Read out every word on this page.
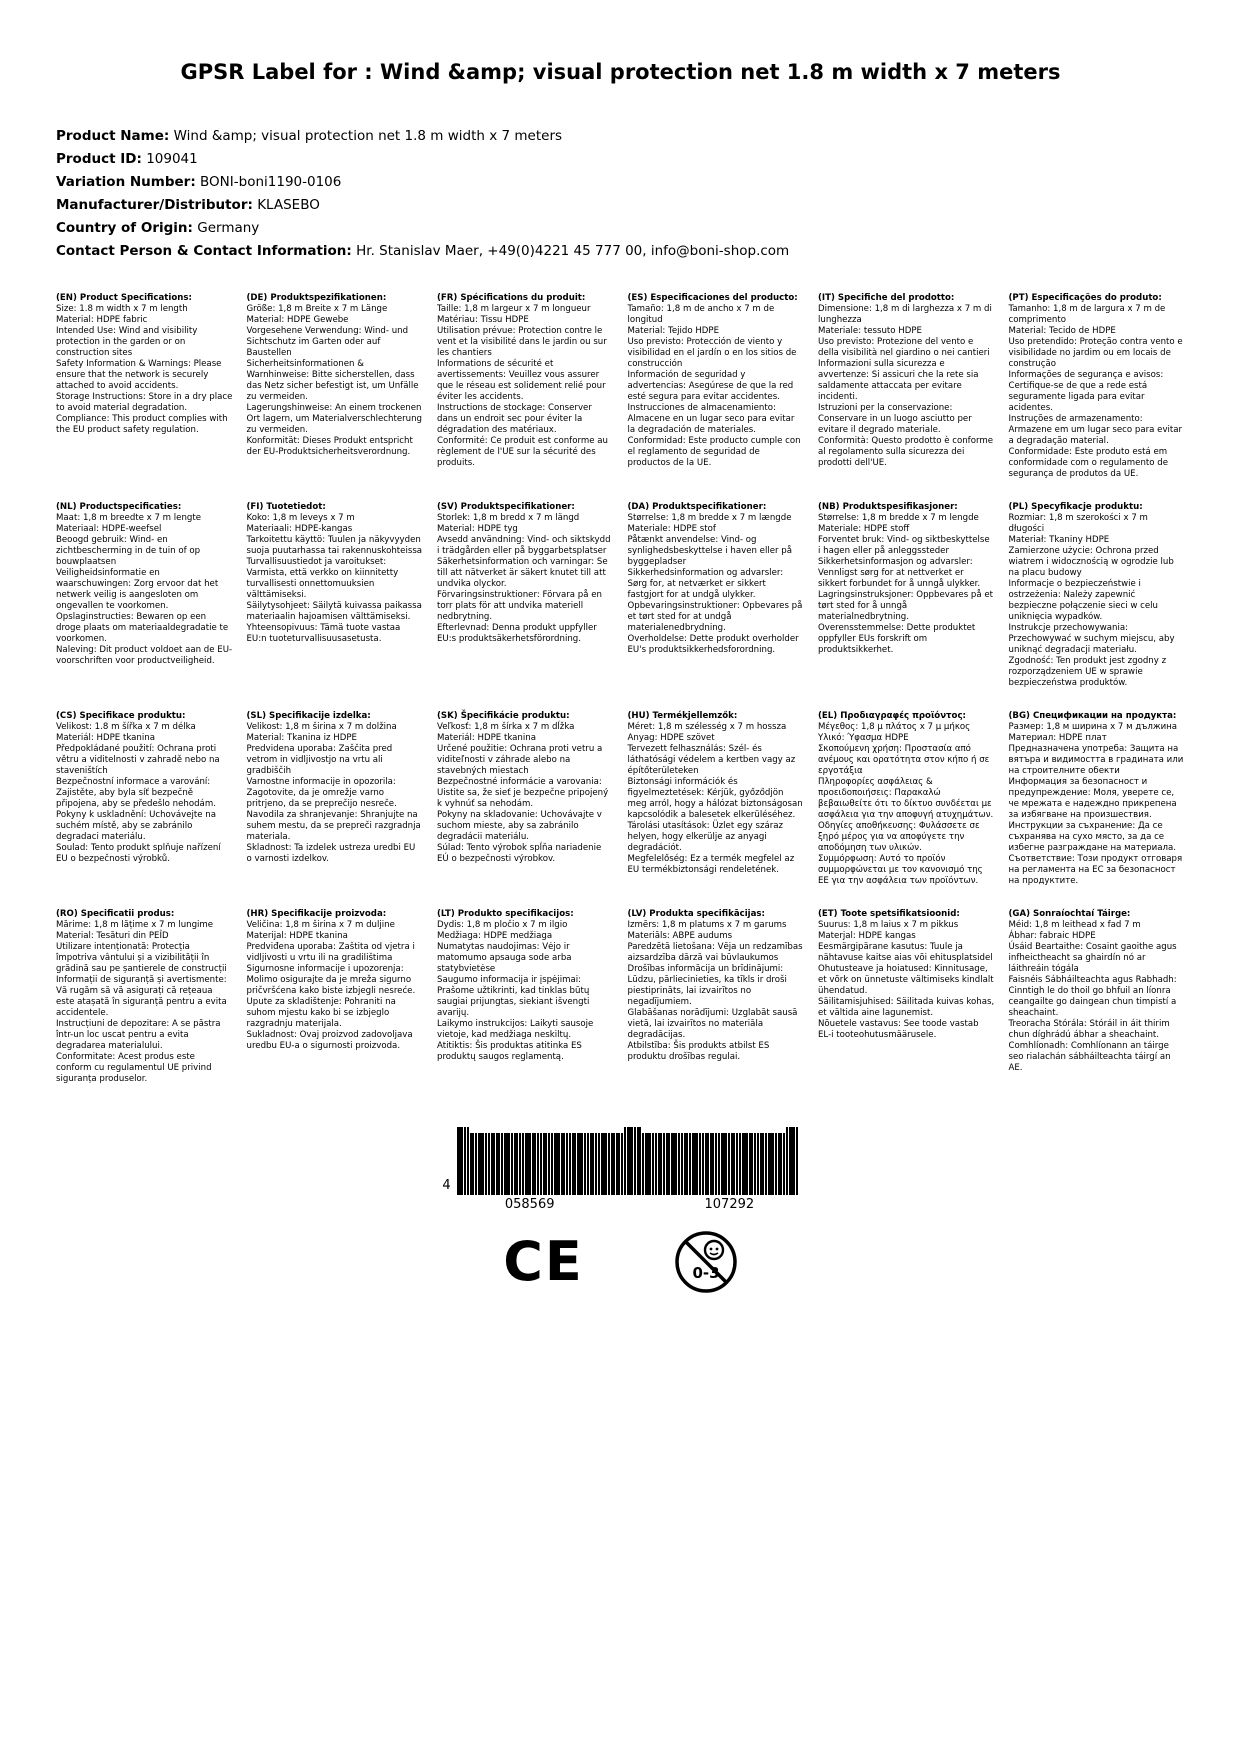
GPSR Label for : Wind &amp; visual protection net 1.8 m width x 7 meters
Product Name: Wind &amp; visual protection net 1.8 m width x 7 meters
Product ID: 109041
Variation Number: BONI-boni1190-0106
Manufacturer/Distributor: KLASEBO
Country of Origin: Germany
Contact Person & Contact Information: Hr. Stanislav Maer, +49(0)4221 45 777 00, info@boni-shop.com
(EN) Product Specifications:
Size: 1.8 m width x 7 m length
Material: HDPE fabric
Intended Use: Wind and visibility protection in the garden or on construction sites
Safety Information & Warnings: Please ensure that the network is securely attached to avoid accidents.
Storage Instructions: Store in a dry place to avoid material degradation.
Compliance: This product complies with the EU product safety regulation.
(DE) Produktspezifikationen:
Größe: 1,8 m Breite x 7 m Länge
Material: HDPE Gewebe
Vorgesehene Verwendung: Wind- und Sichtschutz im Garten oder auf Baustellen
Sicherheitsinformationen & Warnhinweise: Bitte sicherstellen, dass das Netz sicher befestigt ist, um Unfälle zu vermeiden.
Lagerungshinweise: An einem trockenen Ort lagern, um Materialverschlechterung zu vermeiden.
Konformität: Dieses Produkt entspricht der EU-Produktsicherheitsverordnung.
(FR) Spécifications du produit:
Taille: 1,8 m largeur x 7 m longueur
Matériau: Tissu HDPE
Utilisation prévue: Protection contre le vent et la visibilité dans le jardin ou sur les chantiers
Informations de sécurité et avertissements: Veuillez vous assurer que le réseau est solidement relié pour éviter les accidents.
Instructions de stockage: Conserver dans un endroit sec pour éviter la dégradation des matériaux.
Conformité: Ce produit est conforme au règlement de l'UE sur la sécurité des produits.
(ES) Especificaciones del producto:
Tamaño: 1,8 m de ancho x 7 m de longitud
Material: Tejido HDPE
Uso previsto: Protección de viento y visibilidad en el jardín o en los sitios de construcción
Información de seguridad y advertencias: Asegúrese de que la red esté segura para evitar accidentes.
Instrucciones de almacenamiento: Almacene en un lugar seco para evitar la degradación de materiales.
Conformidad: Este producto cumple con el reglamento de seguridad de productos de la UE.
(IT) Specifiche del prodotto:
Dimensione: 1,8 m di larghezza x 7 m di lunghezza
Materiale: tessuto HDPE
Uso previsto: Protezione del vento e della visibilità nel giardino o nei cantieri
Informazioni sulla sicurezza e avvertenze: Si assicuri che la rete sia saldamente attaccata per evitare incidenti.
Istruzioni per la conservazione: Conservare in un luogo asciutto per evitare il degrado materiale.
Conformità: Questo prodotto è conforme al regolamento sulla sicurezza dei prodotti dell'UE.
(PT) Especificações do produto:
Tamanho: 1,8 m de largura x 7 m de comprimento
Material: Tecido de HDPE
Uso pretendido: Proteção contra vento e visibilidade no jardim ou em locais de construção
Informações de segurança e avisos: Certifique-se de que a rede está seguramente ligada para evitar acidentes.
Instruções de armazenamento: Armazene em um lugar seco para evitar a degradação material.
Conformidade: Este produto está em conformidade com o regulamento de segurança de produtos da UE.
(NL) Productspecificaties:
Maat: 1,8 m breedte x 7 m lengte
Materiaal: HDPE-weefsel
Beoogd gebruik: Wind- en zichtbescherming in de tuin of op bouwplaatsen
Veiligheidsinformatie en waarschuwingen: Zorg ervoor dat het netwerk veilig is aangesloten om ongevallen te voorkomen.
Opslaginstructies: Bewaren op een droge plaats om materiaaldegradatie te voorkomen.
Naleving: Dit product voldoet aan de EU-voorschriften voor productveiligheid.
(FI) Tuotetiedot:
Koko: 1,8 m leveys x 7 m
Materiaali: HDPE-kangas
Tarkoitettu käyttö: Tuulen ja näkyvyyden suoja puutarhassa tai rakennuskohteissa
Turvallisuustiedot ja varoitukset: Varmista, että verkko on kiinnitetty turvallisesti onnettomuuksien välttämiseksi.
Säilytysohjeet: Säilytä kuivassa paikassa materiaalin hajoamisen välttämiseksi.
Yhteensopivuus: Tämä tuote vastaa EU:n tuoteturvallisuusasetusta.
(SV) Produktspecifikationer:
Storlek: 1,8 m bredd x 7 m längd
Material: HDPE tyg
Avsedd användning: Vind- och siktskydd i trädgården eller på byggarbetsplatser
Säkerhetsinformation och varningar: Se till att nätverket är säkert knutet till att undvika olyckor.
Förvaringsinstruktioner: Förvara på en torr plats för att undvika materiell nedbrytning.
Efterlevnad: Denna produkt uppfyller EU:s produktsäkerhetsförordning.
(DA) Produktspecifikationer:
Størrelse: 1,8 m bredde x 7 m længde
Materiale: HDPE stof
Påtænkt anvendelse: Vind- og synlighedsbeskyttelse i haven eller på byggepladser
Sikkerhedsinformation og advarsler: Sørg for, at netværket er sikkert fastgjort for at undgå ulykker.
Opbevaringsinstruktioner: Opbevares på et tørt sted for at undgå materialenedbrydning.
Overholdelse: Dette produkt overholder EU's produktsikkerhedsforordning.
(NB) Produktspesifikasjoner:
Størrelse: 1,8 m bredde x 7 m lengde
Materiale: HDPE stoff
Forventet bruk: Vind- og siktbeskyttelse i hagen eller på anleggssteder
Sikkerhetsinformasjon og advarsler: Vennligst sørg for at nettverket er sikkert forbundet for å unngå ulykker.
Lagringsinstruksjoner: Oppbevares på et tørt sted for å unngå materialnedbrytning.
Overensstemmelse: Dette produktet oppfyller EUs forskrift om produktsikkerhet.
(PL) Specyfikacje produktu:
Rozmiar: 1,8 m szerokości x 7 m długości
Materiał: Tkaniny HDPE
Zamierzone użycie: Ochrona przed wiatrem i widocznością w ogrodzie lub na placu budowy
Informacje o bezpieczeństwie i ostrzeżenia: Należy zapewnić bezpieczne połączenie sieci w celu uniknięcia wypadków.
Instrukcje przechowywania: Przechowywać w suchym miejscu, aby uniknąć degradacji materiału.
Zgodność: Ten produkt jest zgodny z rozporządzeniem UE w sprawie bezpieczeństwa produktów.
(CS) Specifikace produktu:
Velikost: 1.8 m šířka x 7 m délka
Materiál: HDPE tkanina
Předpokládané použití: Ochrana proti větru a viditelnosti v zahradě nebo na staveništích
Bezpečnostní informace a varování: Zajistěte, aby byla síť bezpečně připojena, aby se předešlo nehodám.
Pokyny k uskladnění: Uchovávejte na suchém místě, aby se zabránilo degradaci materiálu.
Soulad: Tento produkt splňuje nařízení EU o bezpečnosti výrobků.
(SL) Specifikacije izdelka:
Velikost: 1,8 m širina x 7 m dolžina
Material: Tkanina iz HDPE
Predvidena uporaba: Zaščita pred vetrom in vidljivostjo na vrtu ali gradbiščih
Varnostne informacije in opozorila: Zagotovite, da je omrežje varno pritrjeno, da se preprečijo nesreče.
Navodila za shranjevanje: Shranjujte na suhem mestu, da se prepreči razgradnja materiala.
Skladnost: Ta izdelek ustreza uredbi EU o varnosti izdelkov.
(SK) Špecifikácie produktu:
Veľkosť: 1,8 m šírka x 7 m dĺžka
Materiál: HDPE tkanina
Určené použitie: Ochrana proti vetru a viditeľnosti v záhrade alebo na stavebných miestach
Bezpečnostné informácie a varovania: Uistite sa, že sieť je bezpečne pripojený k vyhnúť sa nehodám.
Pokyny na skladovanie: Uchovávajte v suchom mieste, aby sa zabránilo degradácii materiálu.
Súlad: Tento výrobok spĺňa nariadenie EÚ o bezpečnosti výrobkov.
(HU) Termékjellemzők:
Méret: 1,8 m szélesség x 7 m hossza
Anyag: HDPE szövet
Tervezett felhasználás: Szél- és láthatósági védelem a kertben vagy az építőterületeken
Biztonsági információk és figyelmeztetések: Kérjük, győződjön meg arról, hogy a hálózat biztonságosan kapcsolódik a balesetek elkerüléséhez.
Tárolási utasítások: Üzlet egy száraz helyen, hogy elkerülje az anyagi degradációt.
Megfelelőség: Ez a termék megfelel az EU termékbiztonsági rendeletének.
(EL) Προδιαγραφές προϊόντος:
Μέγεθος: 1,8 μ πλάτος x 7 μ μήκος
Υλικό: Ύφασμα HDPE
Σκοπούμενη χρήση: Προστασία από ανέμους και ορατότητα στον κήπο ή σε εργοτάξια
Πληροφορίες ασφάλειας & προειδοποιήσεις: Παρακαλώ βεβαιωθείτε ότι το δίκτυο συνδέεται με ασφάλεια για την αποφυγή ατυχημάτων.
Οδηγίες αποθήκευσης: Φυλάσσετε σε ξηρό μέρος για να αποφύγετε την αποδόμηση των υλικών.
Συμμόρφωση: Αυτό το προϊόν συμμορφώνεται με τον κανονισμό της ΕΕ για την ασφάλεια των προϊόντων.
(BG) Спецификации на продукта:
Размер: 1,8 м ширина x 7 м дължина
Материал: HDPE плат
Предназначена употреба: Защита на вятъра и видимостта в градината или на строителните обекти
Информация за безопасност и предупреждение: Моля, уверете се, че мрежата е надеждно прикрепена за избягване на произшествия.
Инструкции за съхранение: Да се съхранява на сухо място, за да се избегне разграждане на материала.
Съответствие: Този продукт отговаря на регламента на ЕС за безопасност на продуктите.
(RO) Specificatii produs:
Mărime: 1,8 m lățime x 7 m lungime
Material: Tesături din PEÎD
Utilizare intenționată: Protecția împotriva vântului și a vizibilității în grădină sau pe șantierele de construcții
Informații de siguranță și avertismente: Vă rugăm să vă asigurați că rețeaua este atașată în siguranță pentru a evita accidentele.
Instrucțiuni de depozitare: A se păstra într-un loc uscat pentru a evita degradarea materialului.
Conformitate: Acest produs este conform cu regulamentul UE privind siguranța produselor.
(HR) Specifikacije proizvoda:
Veličina: 1,8 m širina x 7 m duljine
Materijal: HDPE tkanina
Predviđena uporaba: Zaštita od vjetra i vidljivosti u vrtu ili na gradilištima
Sigurnosne informacije i upozorenja: Molimo osigurajte da je mreža sigurno pričvršćena kako biste izbjegli nesreće.
Upute za skladištenje: Pohraniti na suhom mjestu kako bi se izbjeglo razgradnju materijala.
Sukladnost: Ovaj proizvod zadovoljava uredbu EU-a o sigurnosti proizvoda.
(LT) Produkto specifikacijos:
Dydis: 1,8 m pločio x 7 m ilgio
Medžiaga: HDPE medžiaga
Numatytas naudojimas: Vėjo ir matomumo apsauga sode arba statybvietėse
Saugumo informacija ir įspėjimai: Prašome užtikrinti, kad tinklas būtų saugiai prijungtas, siekiant išvengti avarijų.
Laikymo instrukcijos: Laikyti sausoje vietoje, kad medžiaga neskiltų.
Atitiktis: Šis produktas atitinka ES produktų saugos reglamentą.
(LV) Produkta specifikācijas:
Izmērs: 1,8 m platums x 7 m garums
Materiāls: ABPE audums
Paredzētā lietošana: Vēja un redzamības aizsardzība dārzā vai būvlaukumos
Drošības informācija un brīdinājumi: Lūdzu, pārliecinieties, ka tīkls ir droši piestiprināts, lai izvairītos no negadījumiem.
Glabāšanas norādījumi: Uzglabāt sausā vietā, lai izvairītos no materiāla degradācijas.
Atbilstība: Šis produkts atbilst ES produktu drošības regulai.
(ET) Toote spetsifikatsioonid:
Suurus: 1,8 m laius x 7 m pikkus
Materjal: HDPE kangas
Eesmärgipärane kasutus: Tuule ja nähtavuse kaitse aias või ehitusplatsidel
Ohutusteave ja hoiatused: Kinnitusage, et võrk on ünnetuste vältimiseks kindlalt ühendatud.
Säilitamisjuhised: Säilitada kuivas kohas, et vältida aine lagunemist.
Nõuetele vastavus: See toode vastab EL-i tooteohutusmäärusele.
(GA) Sonraíochtaí Táirge:
Méid: 1,8 m leithead x fad 7 m
Ábhar: fabraic HDPE
Úsáid Beartaithe: Cosaint gaoithe agus infheictheacht sa ghairdín nó ar láithreáin tógála
Faisnéis Sábháilteachta agus Rabhadh: Cinntigh le do thoil go bhfuil an líonra ceangailte go daingean chun timpistí a sheachaint.
Treoracha Stórála: Stóráil in áit thirim chun díghrádú ábhar a sheachaint.
Comhlíonadh: Comhlíonann an táirge seo rialachán sábháilteachta táirgí an AE.
4
058569	107292
CE	0-3
